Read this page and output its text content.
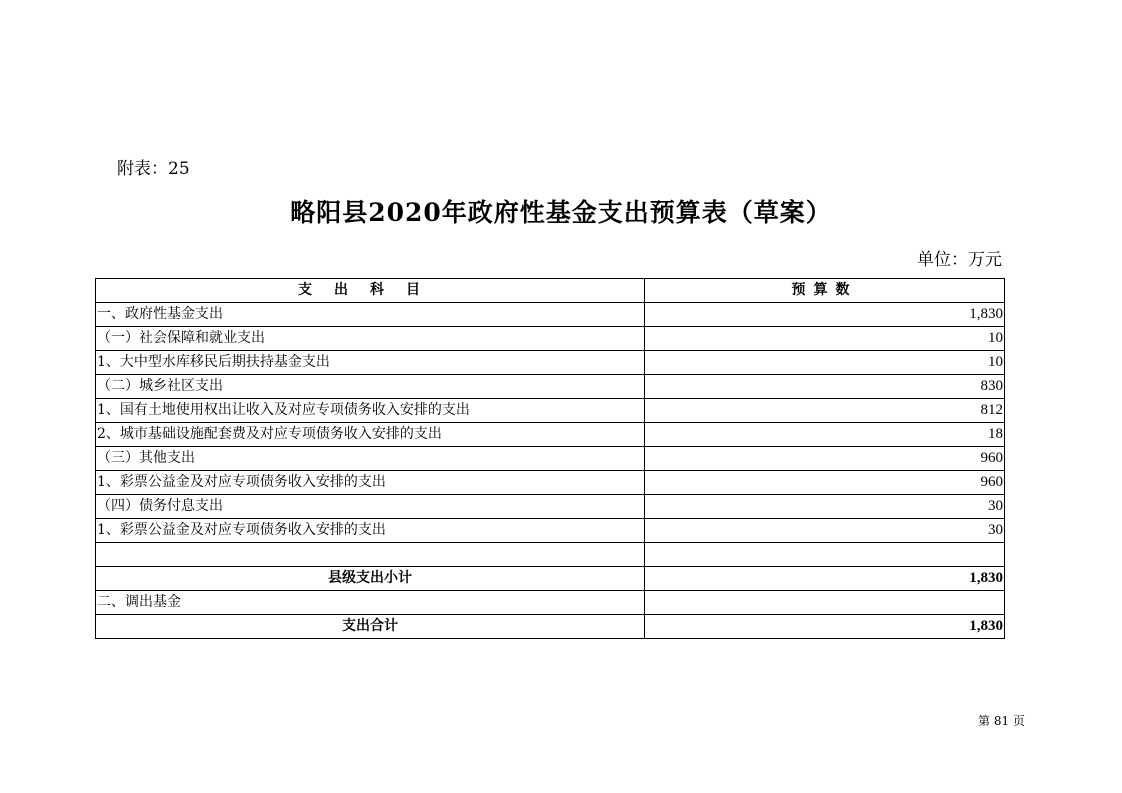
附表：25
略阳县2020年政府性基金支出预算表（草案）
单位：万元
支出科目	预算数
一、政府性基金支出	1,830
（一）社会保障和就业支出	10
1、大中型水库移民后期扶持基金支出	10
（二）城乡社区支出	830
1、国有土地使用权出让收入及对应专项债务收入安排的支出	812
2、城市基础设施配套费及对应专项债务收入安排的支出	18
（三）其他支出	960
1、彩票公益金及对应专项债务收入安排的支出	960
（四）债务付息支出	30
1、彩票公益金及对应专项债务收入安排的支出	30

县级支出小计	1,830
二、调出基金	
支出合计	1,830
第 81 页
